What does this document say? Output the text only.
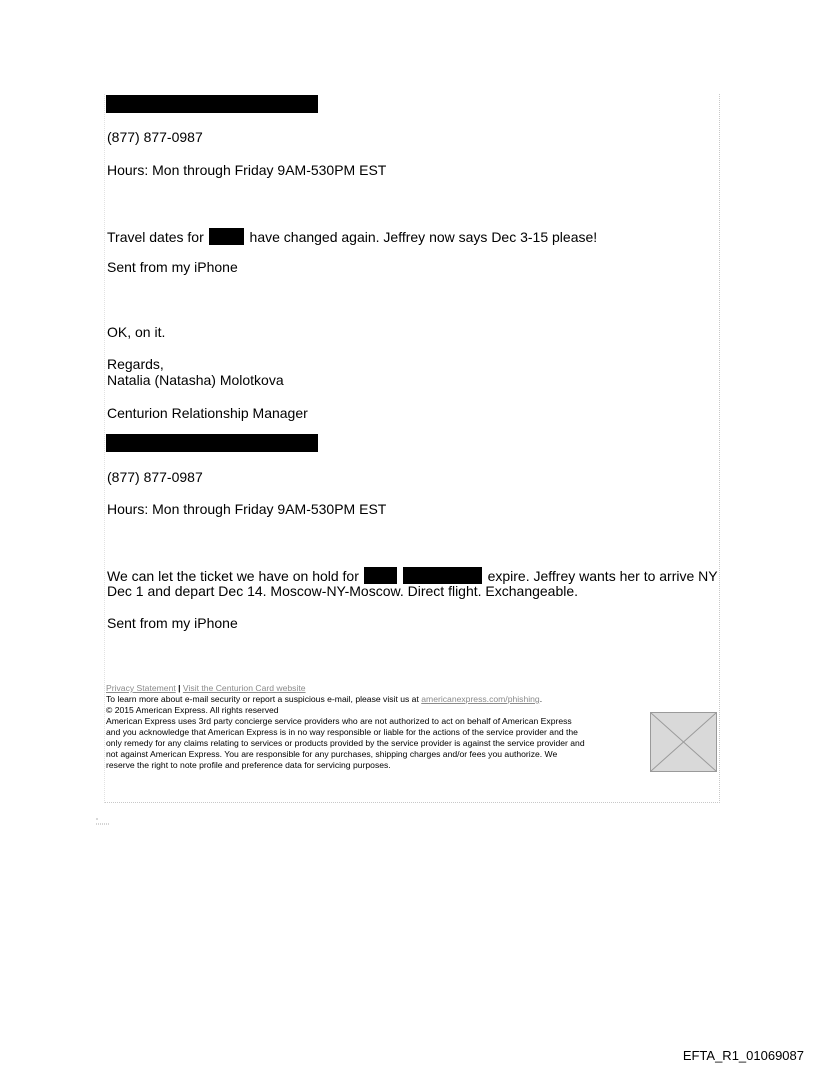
(877) 877-0987
Hours: Mon through Friday 9AM-530PM EST
Travel dates for	have changed again. Jeffrey now says Dec 3-15 please!
Sent from my iPhone
OK, on it.
Regards,
Natalia (Natasha) Molotkova
Centurion Relationship Manager
(877) 877-0987
Hours: Mon through Friday 9AM-530PM EST
We can let the ticket we have on hold for	expire. Jeffrey wants her to arrive NY
Dec 1 and depart Dec 14. Moscow-NY-Moscow. Direct flight. Exchangeable.
Sent from my iPhone
Privacy Statement | Visit the Centurion Card website
To learn more about e-mail security or report a suspicious e-mail, please visit us at americanexpress.com/phishing.
© 2015 American Express. All rights reserved
American Express uses 3rd party concierge service providers who are not authorized to act on behalf of American Express
and you acknowledge that American Express is in no way responsible or liable for the actions of the service provider and the
only remedy for any claims relating to services or products provided by the service provider is against the service provider and
not against American Express. You are responsible for any purchases, shipping charges and/or fees you authorize. We
reserve the right to note profile and preference data for servicing purposes.
EFTA_R1_01069087
